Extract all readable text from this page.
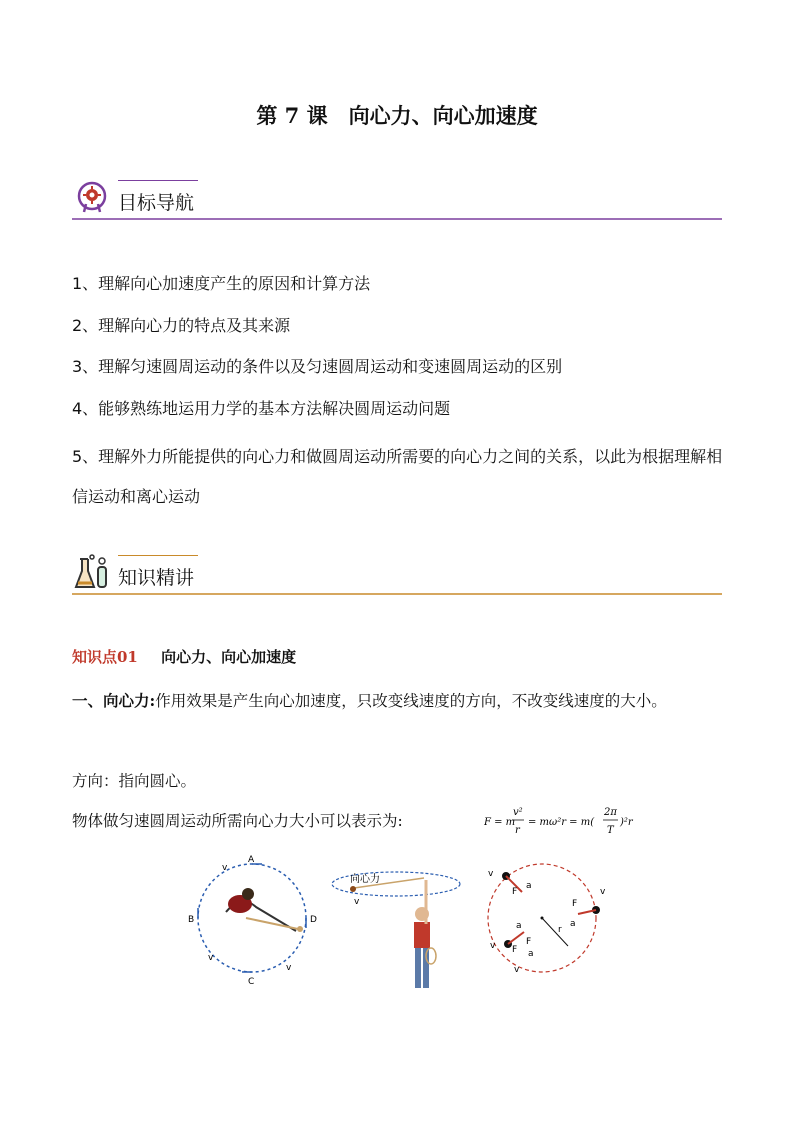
第 7 课　向心力、向心加速度
目标导航
1、理解向心加速度产生的原因和计算方法
2、理解向心力的特点及其来源
3、理解匀速圆周运动的条件以及匀速圆周运动和变速圆周运动的区别
4、能够熟练地运用力学的基本方法解决圆周运动问题
5、理解外力所能提供的向心力和做圆周运动所需要的向心力之间的关系，以此为根据理解相信运动和离心运动
知识精讲
知识点01 向心力、向心加速度
一、向心力:作用效果是产生向心加速度，只改变线速度的方向，不改变线速度的大小。
方向：指向圆心。
物体做匀速圆周运动所需向心力大小可以表示为:	F = m
v²
r
= mω²r = m(
2π
T
)²r
A
B
C
D
v
v
v
向心力
v
v
F
a
F
v
a
a
F
r
v F a
v
